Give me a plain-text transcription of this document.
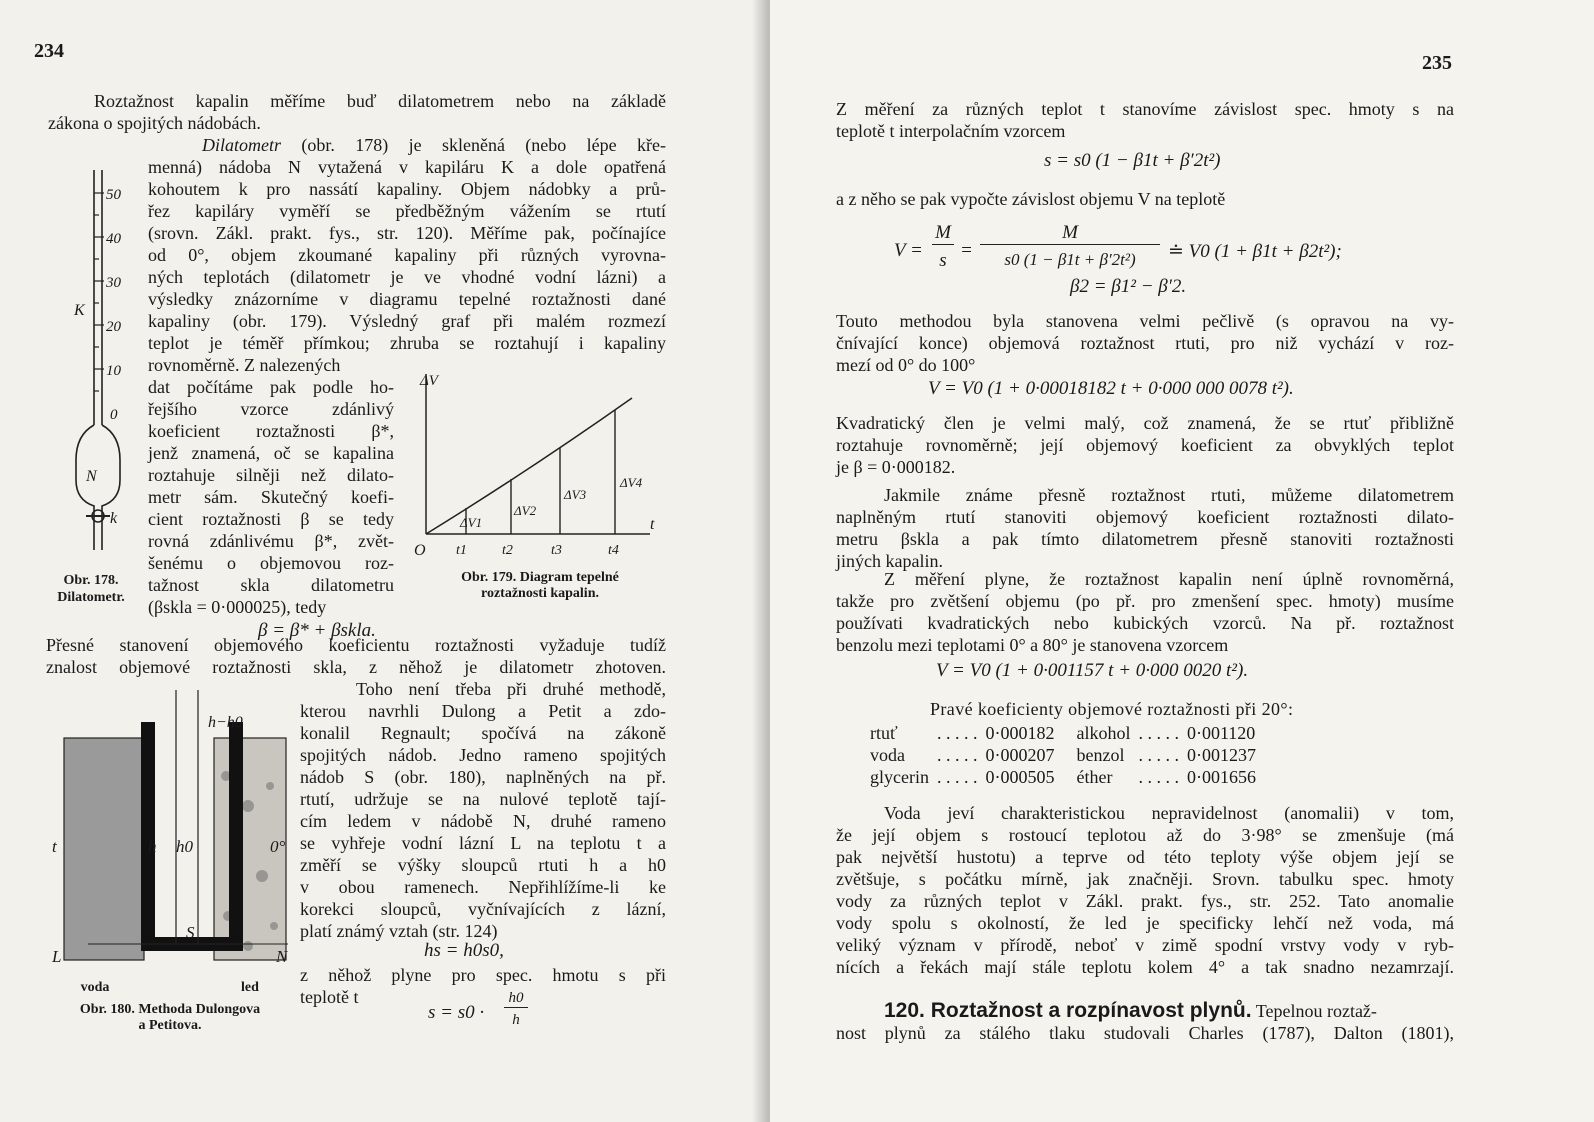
234
Roztažnost kapalin měříme buď dilatometrem nebo na základě
zákona o spojitých nádobách.
Dilatometr (obr. 178) je skleněná (nebo lépe kře-
menná) nádoba N vytažená v kapiláru K a dole opatřená
kohoutem k pro nassátí kapaliny. Objem nádobky a prů-
řez kapiláry vyměří se předběžným vážením se rtutí
(srovn. Zákl. prakt. fys., str. 120). Měříme pak, počínajíce
od 0°, objem zkoumané kapaliny při různých vyrovna-
ných teplotách (dilatometr je ve vhodné vodní lázni) a
výsledky znázorníme v diagramu tepelné roztažnosti dané
kapaliny (obr. 179). Výsledný graf při malém rozmezí
teplot je téměř přímkou; zhruba se roztahují i kapaliny
rovnoměrně. Z nalezených
dat počítáme pak podle ho-
řejšího vzorce zdánlivý
koeficient roztažnosti β*,
jenž znamená, oč se kapalina
roztahuje silněji než dilato-
metr sám. Skutečný koefi-
cient roztažnosti β se tedy
rovná zdánlivému β*, zvět-
šenému o objemovou roz-
tažnost skla dilatometru
(βskla = 0·000025), tedy
β = β* + βskla.
50
40
30
20
10
0
K
N
k
Obr. 178.
Dilatometr.
ΔV
t
O t1	t2	t3	t4
ΔV1
ΔV2
ΔV3
ΔV4
Obr. 179. Diagram tepelné
roztažnosti kapalin.
Přesné stanovení objemového koeficientu roztažnosti vyžaduje tudíž
znalost objemové roztažnosti skla, z něhož je dilatometr zhotoven.
Toho není třeba při druhé methodě,
kterou navrhli Dulong a Petit a zdo-
konalil Regnault; spočívá na zákoně
spojitých nádob. Jedno rameno spojitých
nádob S (obr. 180), naplněných na př.
rtutí, udržuje se na nulové teplotě tají-
cím ledem v nádobě N, druhé rameno
se vyhřeje vodní lázní L na teplotu t a
změří se výšky sloupců rtuti h a h0
v obou ramenech. Nepřihlížíme-li ke
korekci sloupců, vyčnívajících z lázní,
platí známý vztah (str. 124)
hs = h0s0,
z něhož plyne pro spec. hmotu s při
teplotě t
s = s0 ·
h0
h
h−h0
t	h h0	0°
S
L	N
voda	led
Obr. 180. Methoda Dulongova
a Petitova.
235
Z měření za různých teplot t stanovíme závislost spec. hmoty s na
teplotě t interpolačním vzorcem
s = s0 (1 − β1t + β′2t²)
a z něho se pak vypočte závislost objemu V na teplotě
V =
M
s =
M
s0 (1 − β1t + β′2t²)	≐ V0 (1 + β1t + β2t²);
β2 = β1² − β′2.
Touto methodou byla stanovena velmi pečlivě (s opravou na vy-
čnívající konce) objemová roztažnost rtuti, pro niž vychází v roz-
mezí od 0° do 100°
V = V0 (1 + 0·00018182 t + 0·000 000 0078 t²).
Kvadratický člen je velmi malý, což znamená, že se rtuť přibližně
roztahuje rovnoměrně; její objemový koeficient za obvyklých teplot
je β = 0·000182.
Jakmile známe přesně roztažnost rtuti, můžeme dilatometrem
naplněným rtutí stanoviti objemový koeficient roztažnosti dilato-
metru βskla a pak tímto dilatometrem přesně stanoviti roztažnosti
jiných kapalin.
Z měření plyne, že roztažnost kapalin není úplně rovnoměrná,
takže pro zvětšení objemu (po př. pro zmenšení spec. hmoty) musíme
používati kvadratických nebo kubických vzorců. Na př. roztažnost
benzolu mezi teplotami 0° a 80° je stanovena vzorcem
V = V0 (1 + 0·001157 t + 0·000 0020 t²).
Pravé koeficienty objemové roztažnosti při 20°:
rtuť	. . . . .	0·000182	alkohol	. . . . .	0·001120
voda	. . . . .	0·000207	benzol	. . . . .	0·001237
glycerin	. . . . .	0·000505	éther	. . . . .	0·001656
Voda jeví charakteristickou nepravidelnost (anomalii) v tom,
že její objem s rostoucí teplotou až do 3·98° se zmenšuje (má
pak největší hustotu) a teprve od této teploty výše objem její se
zvětšuje, s počátku mírně, jak značněji. Srovn. tabulku spec. hmoty
vody za různých teplot v Zákl. prakt. fys., str. 252. Tato anomalie
vody spolu s okolností, že led je specificky lehčí než voda, má
veliký význam v přírodě, neboť v zimě spodní vrstvy vody v ryb-
nících a řekách mají stále teplotu kolem 4° a tak snadno nezamrzají.
120. Roztažnost a rozpínavost plynů. Tepelnou roztaž-
nost plynů za stálého tlaku studovali Charles (1787), Dalton (1801),
